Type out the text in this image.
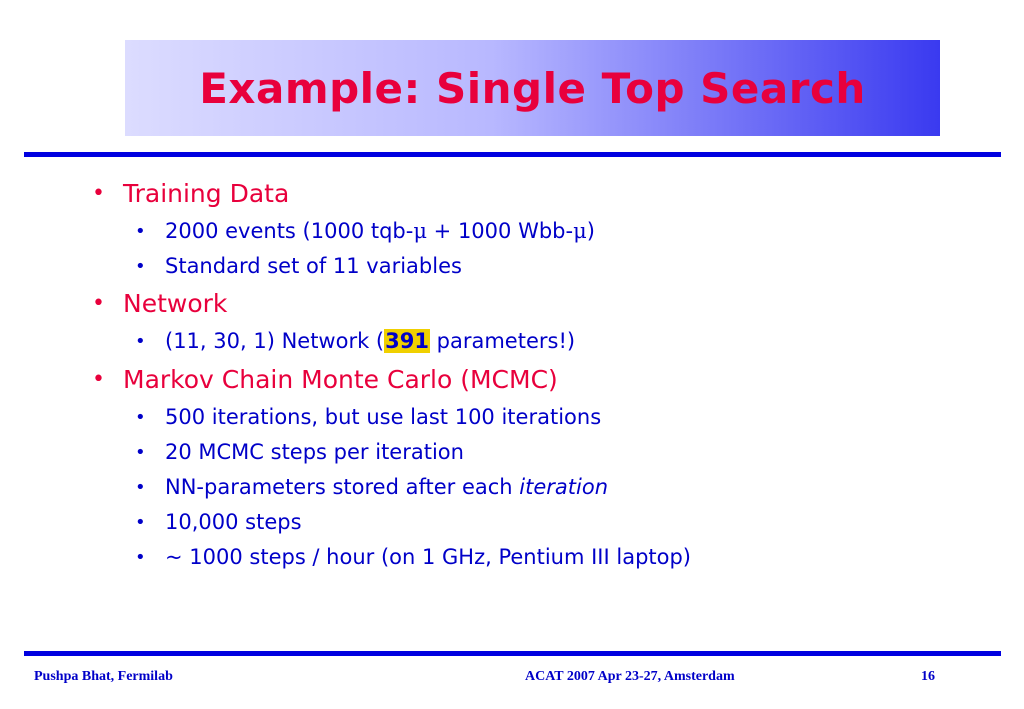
Example: Single Top Search
• Training Data
• 2000 events (1000 tqb-μ + 1000 Wbb-μ)
• Standard set of 11 variables
• Network
• (11, 30, 1) Network (391 parameters!)
• Markov Chain Monte Carlo (MCMC)
• 500 iterations, but use last 100 iterations
• 20 MCMC steps per iteration
• NN-parameters stored after each iteration
• 10,000 steps
• ~ 1000 steps / hour (on 1 GHz, Pentium III laptop)
Pushpa Bhat, Fermilab	ACAT 2007 Apr 23-27, Amsterdam	16
